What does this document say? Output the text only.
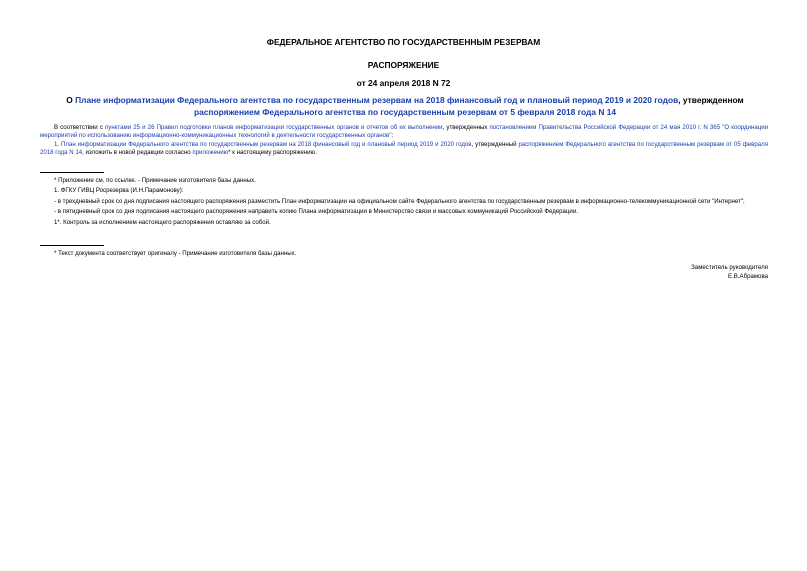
ФЕДЕРАЛЬНОЕ АГЕНТСТВО ПО ГОСУДАРСТВЕННЫМ РЕЗЕРВАМ
РАСПОРЯЖЕНИЕ
от 24 апреля 2018 N 72
О Плане информатизации Федерального агентства по государственным резервам на 2018 финансовый год и плановый период 2019 и 2020 годов, утвержденном распоряжением Федерального агентства по государственным резервам от 5 февраля 2018 года N 14

В соответствии с пунктами 25 и 26 Правил подготовки планов информатизации государственных органов и отчетов об их выполнении, утвержденных постановлением Правительства Российской Федерации от 24 мая 2010 г. N 365 "О координации мероприятий по использованию информационно-коммуникационных технологий в деятельности государственных органов":

1. План информатизации Федерального агентства по государственным резервам на 2018 финансовый год и плановый период 2019 и 2020 годов, утвержденный распоряжением Федерального агентства по государственным резервам от 05 февраля 2018 года N 14, изложить в новой редакции согласно приложению* к настоящему распоряжению.

* Приложение см. по ссылке. - Примечание изготовителя базы данных.

1. ФГКУ ГИВЦ Росрезерва (И.Н.Парамонову):

- в трехдневный срок со дня подписания настоящего распоряжения разместить План информатизации на официальном сайте Федерального агентства по государственным резервам в информационно-телекоммуникационной сети "Интернет";

- в пятидневный срок со дня подписания настоящего распоряжения направить копию Плана информатизации в Министерство связи и массовых коммуникаций Российской Федерации.

1*. Контроль за исполнением настоящего распоряжения оставляю за собой.

* Текст документа соответствует оригиналу - Примечание изготовителя базы данных.

Заместитель руководителя
Е.В.Абрамова
